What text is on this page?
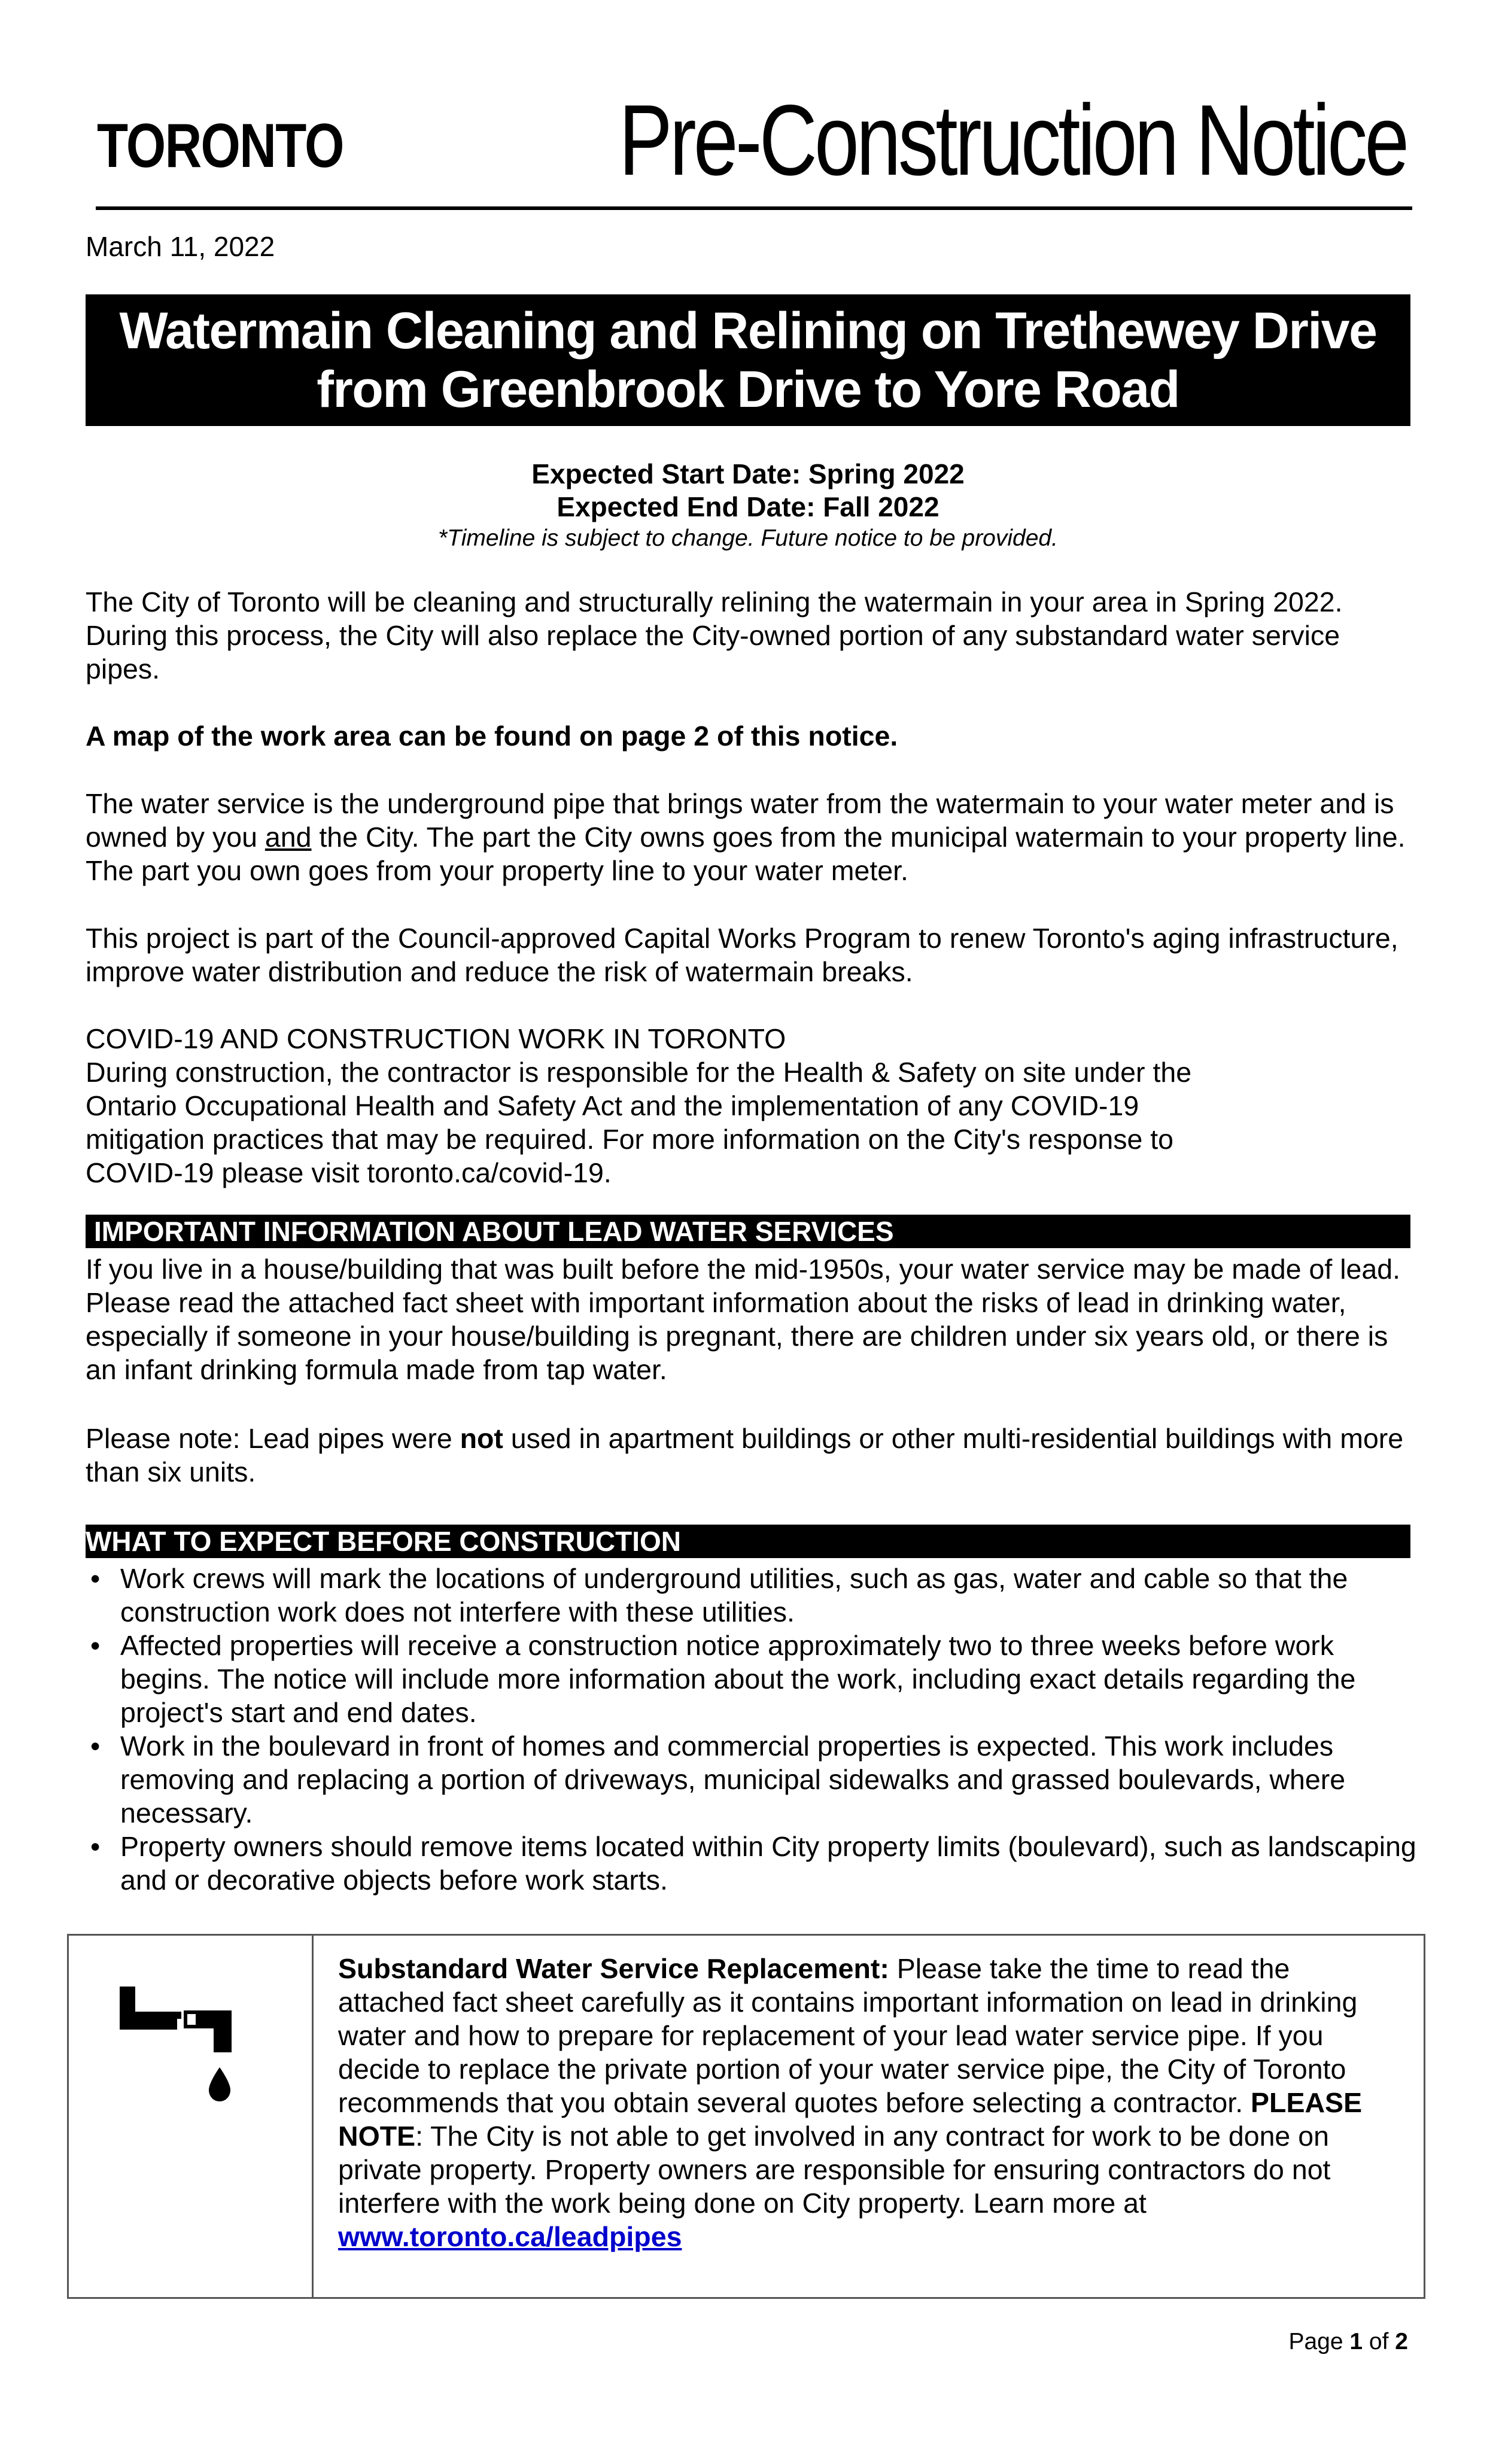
TORONTO	Pre-Construction Notice
March 11, 2022
Watermain Cleaning and Relining on Trethewey Drive
from Greenbrook Drive to Yore Road
Expected Start Date: Spring 2022
Expected End Date: Fall 2022
*Timeline is subject to change. Future notice to be provided.
The City of Toronto will be cleaning and structurally relining the watermain in your area in Spring 2022. During this process, the City will also replace the City-owned portion of any substandard water service pipes.
A map of the work area can be found on page 2 of this notice.
The water service is the underground pipe that brings water from the watermain to your water meter and is owned by you and the City. The part the City owns goes from the municipal watermain to your property line. The part you own goes from your property line to your water meter.
This project is part of the Council-approved Capital Works Program to renew Toronto's aging infrastructure, improve water distribution and reduce the risk of watermain breaks.
COVID-19 AND CONSTRUCTION WORK IN TORONTO
During construction, the contractor is responsible for the Health & Safety on site under the
Ontario Occupational Health and Safety Act and the implementation of any COVID-19
mitigation practices that may be required. For more information on the City's response to
COVID-19 please visit toronto.ca/covid-19.
IMPORTANT INFORMATION ABOUT LEAD WATER SERVICES
If you live in a house/building that was built before the mid-1950s, your water service may be made of lead. Please read the attached fact sheet with important information about the risks of lead in drinking water, especially if someone in your house/building is pregnant, there are children under six years old, or there is an infant drinking formula made from tap water.
Please note: Lead pipes were not used in apartment buildings or other multi-residential buildings with more than six units.
WHAT TO EXPECT BEFORE CONSTRUCTION
• Work crews will mark the locations of underground utilities, such as gas, water and cable so that the construction work does not interfere with these utilities.
• Affected properties will receive a construction notice approximately two to three weeks before work begins. The notice will include more information about the work, including exact details regarding the project's start and end dates.
• Work in the boulevard in front of homes and commercial properties is expected. This work includes removing and replacing a portion of driveways, municipal sidewalks and grassed boulevards, where necessary.
• Property owners should remove items located within City property limits (boulevard), such as landscaping and or decorative objects before work starts.
Substandard Water Service Replacement: Please take the time to read the attached fact sheet carefully as it contains important information on lead in drinking water and how to prepare for replacement of your lead water service pipe. If you decide to replace the private portion of your water service pipe, the City of Toronto recommends that you obtain several quotes before selecting a contractor. PLEASE NOTE: The City is not able to get involved in any contract for work to be done on private property. Property owners are responsible for ensuring contractors do not interfere with the work being done on City property. Learn more at www.toronto.ca/leadpipes
Page 1 of 2
